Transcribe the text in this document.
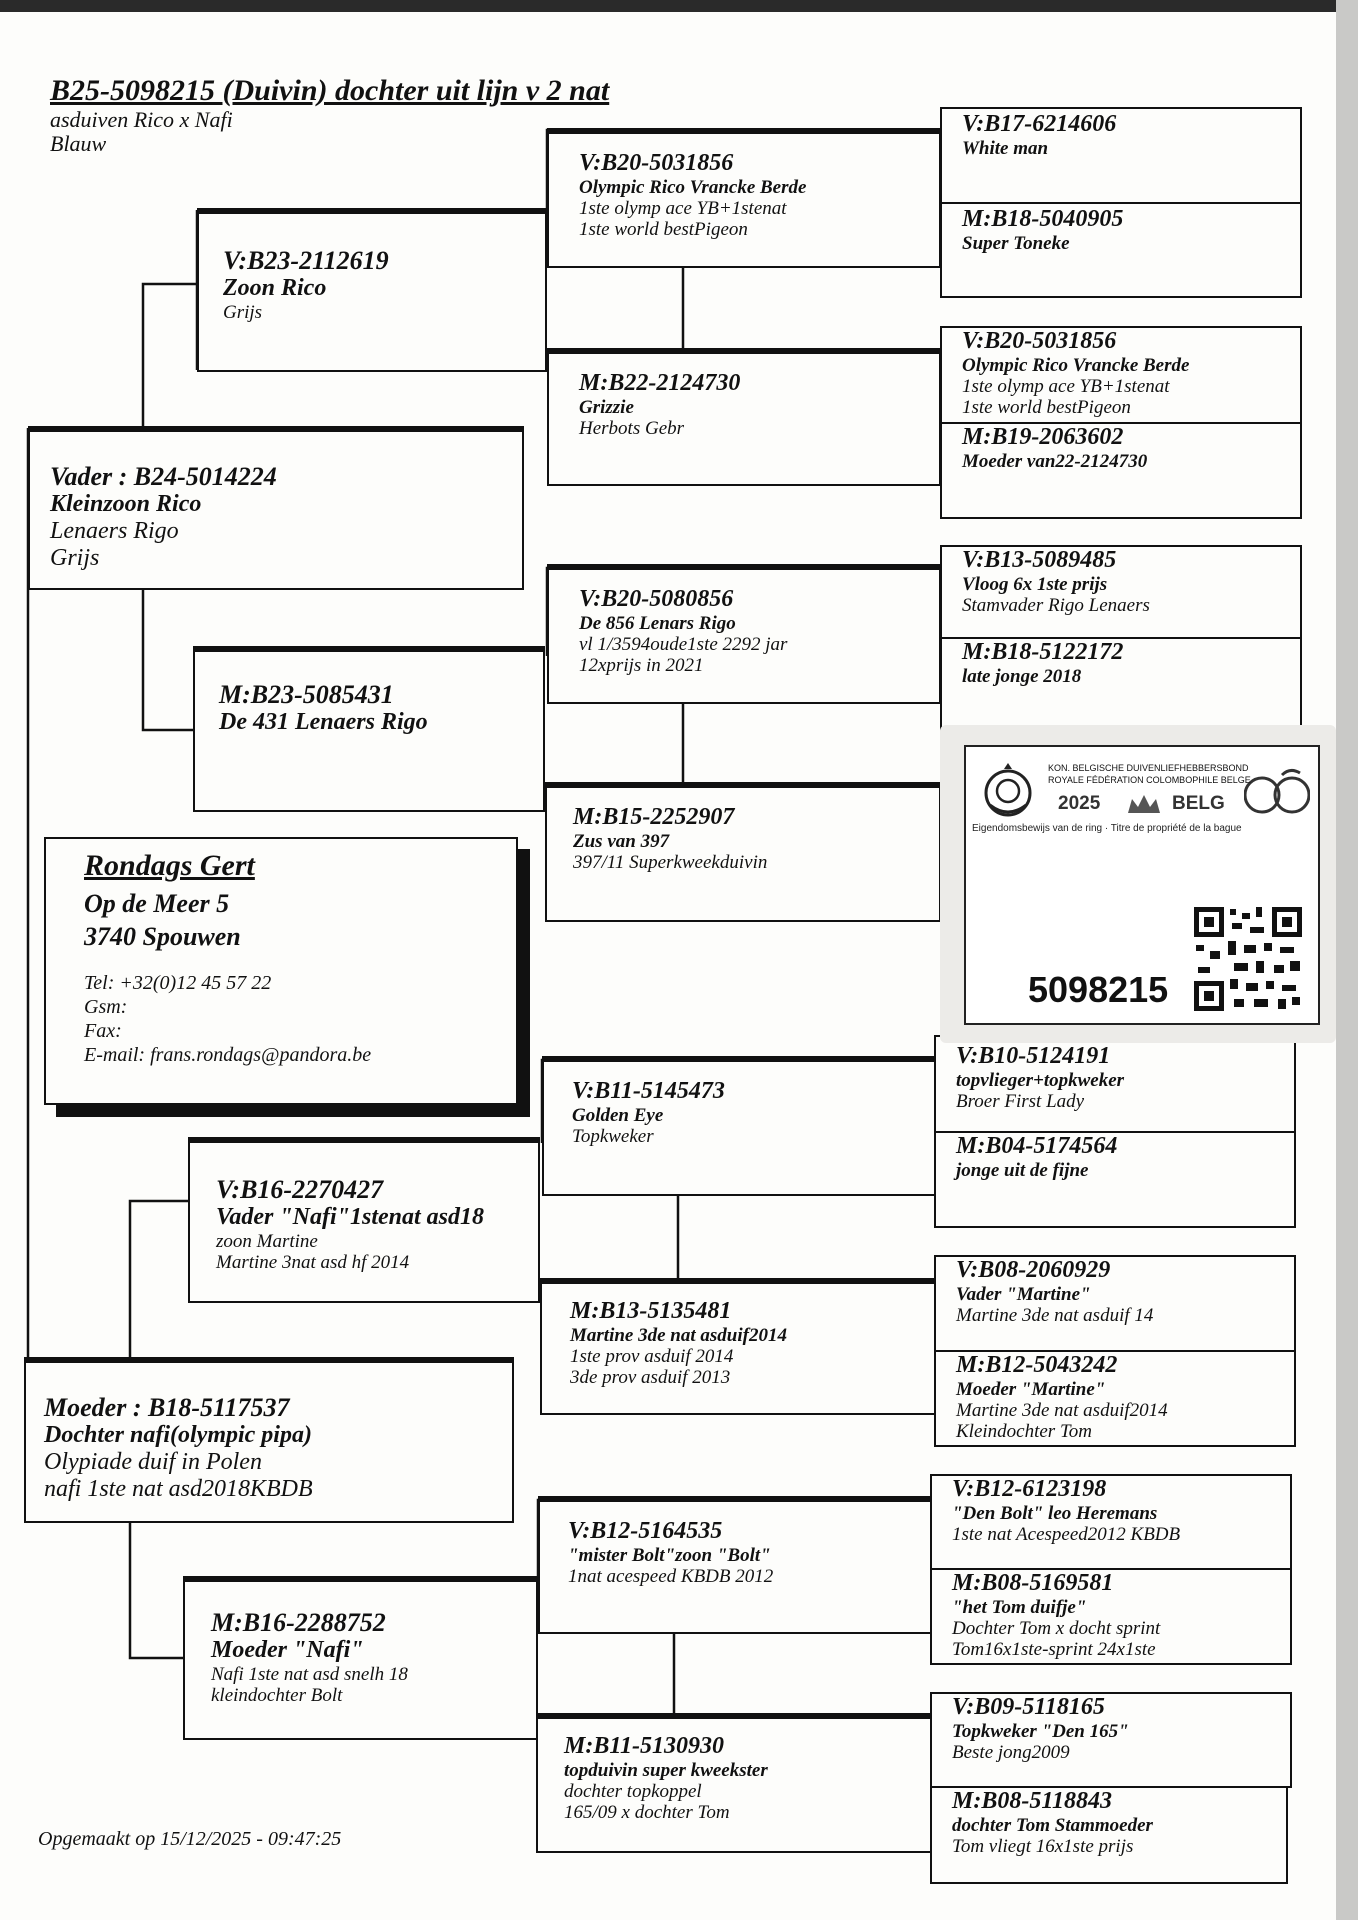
B25-5098215 (Duivin) dochter uit lijn v 2 nat
asduiven Rico x Nafi
Blauw
V:B17-6214606
White man
M:B18-5040905
Super Toneke
V:B20-5031856
Olympic Rico Vrancke Berde
1ste olymp ace YB+1stenat
1ste world bestPigeon
M:B19-2063602
Moeder van22-2124730
V:B13-5089485
Vloog 6x 1ste prijs
Stamvader Rigo Lenaers
M:B18-5122172
late jonge 2018
V:B10-5124191
topvlieger+topkweker
Broer First Lady
M:B04-5174564
jonge uit de fijne
V:B08-2060929
Vader "Martine"
Martine 3de nat asduif 14
M:B12-5043242
Moeder "Martine"
Martine 3de nat asduif2014
Kleindochter Tom
V:B12-6123198
"Den Bolt" leo Heremans
1ste nat Acespeed2012 KBDB
M:B08-5169581
"het Tom duifje"
Dochter Tom x docht sprint
Tom16x1ste-sprint 24x1ste
V:B09-5118165
Topkweker "Den 165"
Beste jong2009
M:B08-5118843
dochter Tom Stammoeder
Tom vliegt 16x1ste prijs
V:B20-5031856
Olympic Rico Vrancke Berde
1ste olymp ace YB+1stenat
1ste world bestPigeon
M:B22-2124730
Grizzie
Herbots Gebr
V:B20-5080856
De 856 Lenars Rigo
vl 1/3594oude1ste 2292 jar
12xprijs in 2021
M:B15-2252907
Zus van 397
397/11 Superkweekduivin
V:B11-5145473
Golden Eye
Topkweker
M:B13-5135481
Martine 3de nat asduif2014
1ste prov asduif 2014
3de prov asduif 2013
V:B12-5164535
"mister Bolt"zoon "Bolt"
1nat acespeed KBDB 2012
M:B11-5130930
topduivin super kweekster
dochter topkoppel
165/09 x dochter Tom
V:B23-2112619
Zoon Rico
Grijs
M:B23-5085431
De 431 Lenaers Rigo
V:B16-2270427
Vader "Nafi"1stenat asd18
zoon Martine
Martine 3nat asd hf 2014
M:B16-2288752
Moeder "Nafi"
Nafi 1ste nat asd snelh 18
kleindochter Bolt
Vader : B24-5014224
Kleinzoon Rico
Lenaers Rigo
Grijs
Moeder : B18-5117537
Dochter nafi(olympic pipa)
Olypiade duif in Polen
nafi 1ste nat asd2018KBDB
Rondags Gert
Op de Meer 5
3740 Spouwen
Tel: +32(0)12 45 57 22
Gsm:
Fax:
E-mail: frans.rondags@pandora.be
KON. BELGISCHE DUIVENLIEFHEBBERSBOND
ROYALE FÉDÉRATION COLOMBOPHILE BELGE
2025	BELG
Eigendomsbewijs van de ring · Titre de propriété de la bague
5098215
Opgemaakt op 15/12/2025 - 09:47:25
